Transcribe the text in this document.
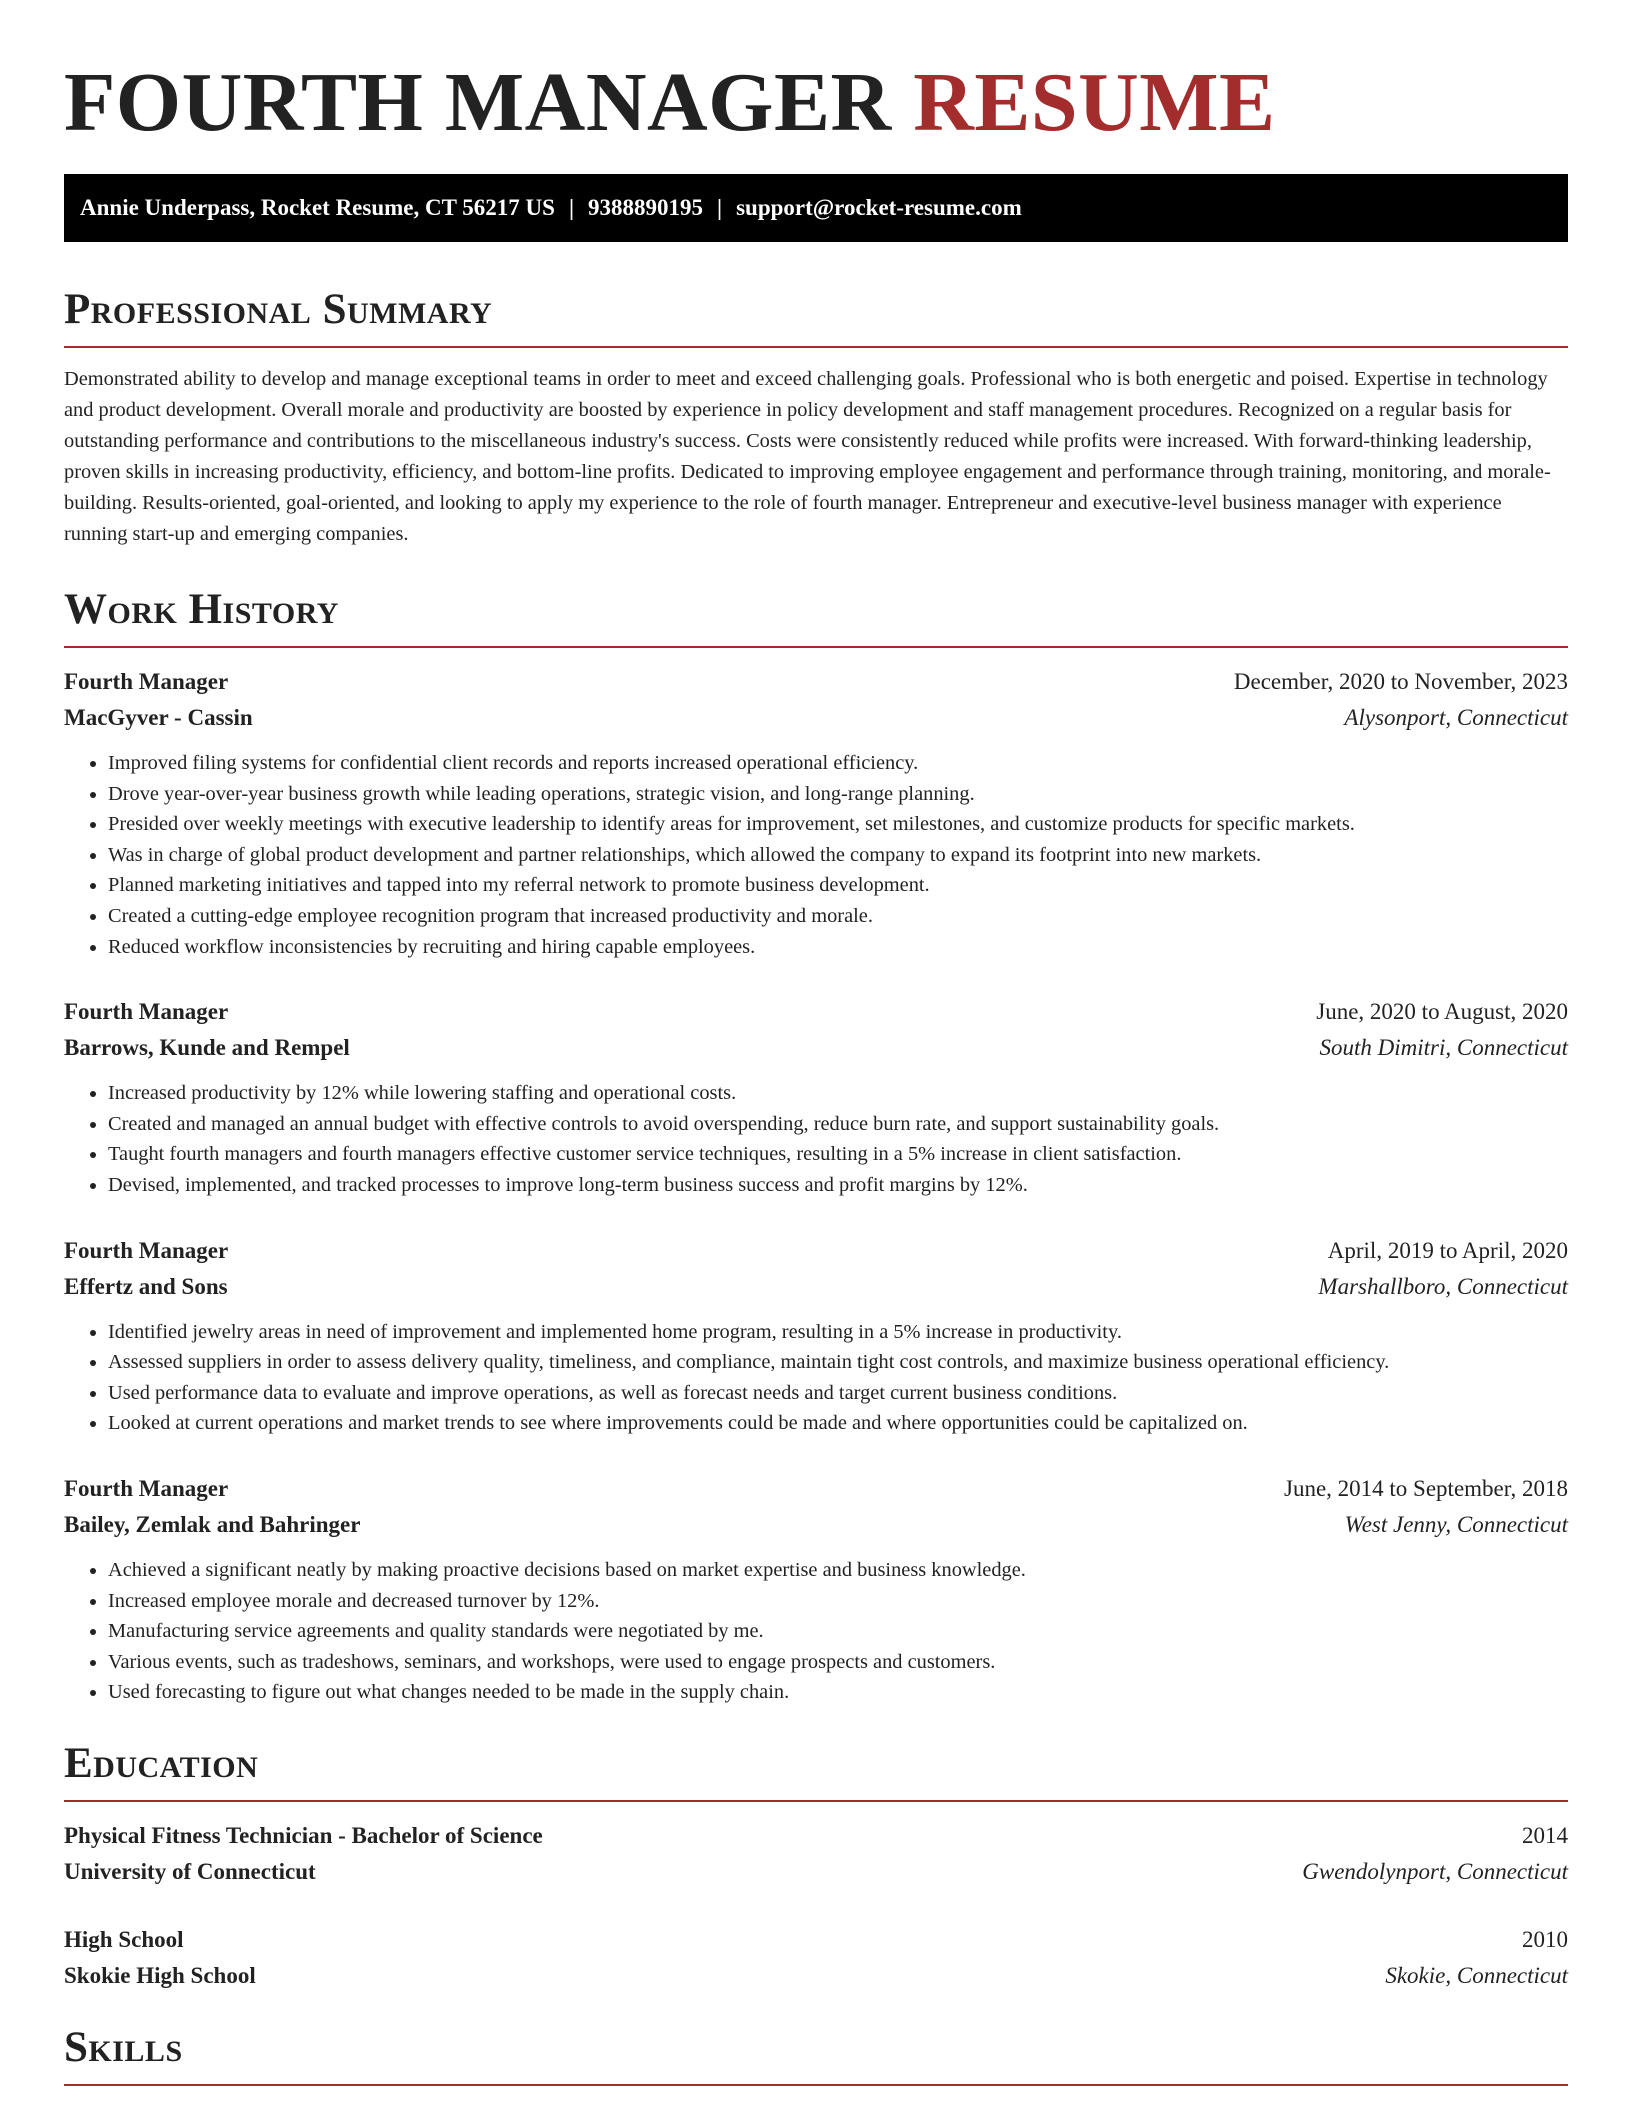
FOURTH MANAGER RESUME
Annie Underpass, Rocket Resume, CT 56217 US | 9388890195 | support@rocket-resume.com
Professional Summary

Demonstrated ability to develop and manage exceptional teams in order to meet and exceed challenging goals. Professional who is both energetic and poised. Expertise in technology and product development. Overall morale and productivity are boosted by experience in policy development and staff management procedures. Recognized on a regular basis for outstanding performance and contributions to the miscellaneous industry's success. Costs were consistently reduced while profits were increased. With forward-thinking leadership, proven skills in increasing productivity, efficiency, and bottom-line profits. Dedicated to improving employee engagement and performance through training, monitoring, and morale-building. Results-oriented, goal-oriented, and looking to apply my experience to the role of fourth manager. Entrepreneur and executive-level business manager with experience running start-up and emerging companies.

Work History
Fourth Manager	December, 2020 to November, 2023
MacGyver - Cassin	Alysonport, Connecticut
• Improved filing systems for confidential client records and reports increased operational efficiency.
• Drove year-over-year business growth while leading operations, strategic vision, and long-range planning.
• Presided over weekly meetings with executive leadership to identify areas for improvement, set milestones, and customize products for specific markets.
• Was in charge of global product development and partner relationships, which allowed the company to expand its footprint into new markets.
• Planned marketing initiatives and tapped into my referral network to promote business development.
• Created a cutting-edge employee recognition program that increased productivity and morale.
• Reduced workflow inconsistencies by recruiting and hiring capable employees.
Fourth Manager	June, 2020 to August, 2020
Barrows, Kunde and Rempel	South Dimitri, Connecticut
• Increased productivity by 12% while lowering staffing and operational costs.
• Created and managed an annual budget with effective controls to avoid overspending, reduce burn rate, and support sustainability goals.
• Taught fourth managers and fourth managers effective customer service techniques, resulting in a 5% increase in client satisfaction.
• Devised, implemented, and tracked processes to improve long-term business success and profit margins by 12%.
Fourth Manager	April, 2019 to April, 2020
Effertz and Sons	Marshallboro, Connecticut
• Identified jewelry areas in need of improvement and implemented home program, resulting in a 5% increase in productivity.
• Assessed suppliers in order to assess delivery quality, timeliness, and compliance, maintain tight cost controls, and maximize business operational efficiency.
• Used performance data to evaluate and improve operations, as well as forecast needs and target current business conditions.
• Looked at current operations and market trends to see where improvements could be made and where opportunities could be capitalized on.
Fourth Manager	June, 2014 to September, 2018
Bailey, Zemlak and Bahringer	West Jenny, Connecticut
• Achieved a significant neatly by making proactive decisions based on market expertise and business knowledge.
• Increased employee morale and decreased turnover by 12%.
• Manufacturing service agreements and quality standards were negotiated by me.
• Various events, such as tradeshows, seminars, and workshops, were used to engage prospects and customers.
• Used forecasting to figure out what changes needed to be made in the supply chain.
Education
Physical Fitness Technician - Bachelor of Science	2014
University of Connecticut	Gwendolynport, Connecticut
High School	2010
Skokie High School	Skokie, Connecticut
Skills
